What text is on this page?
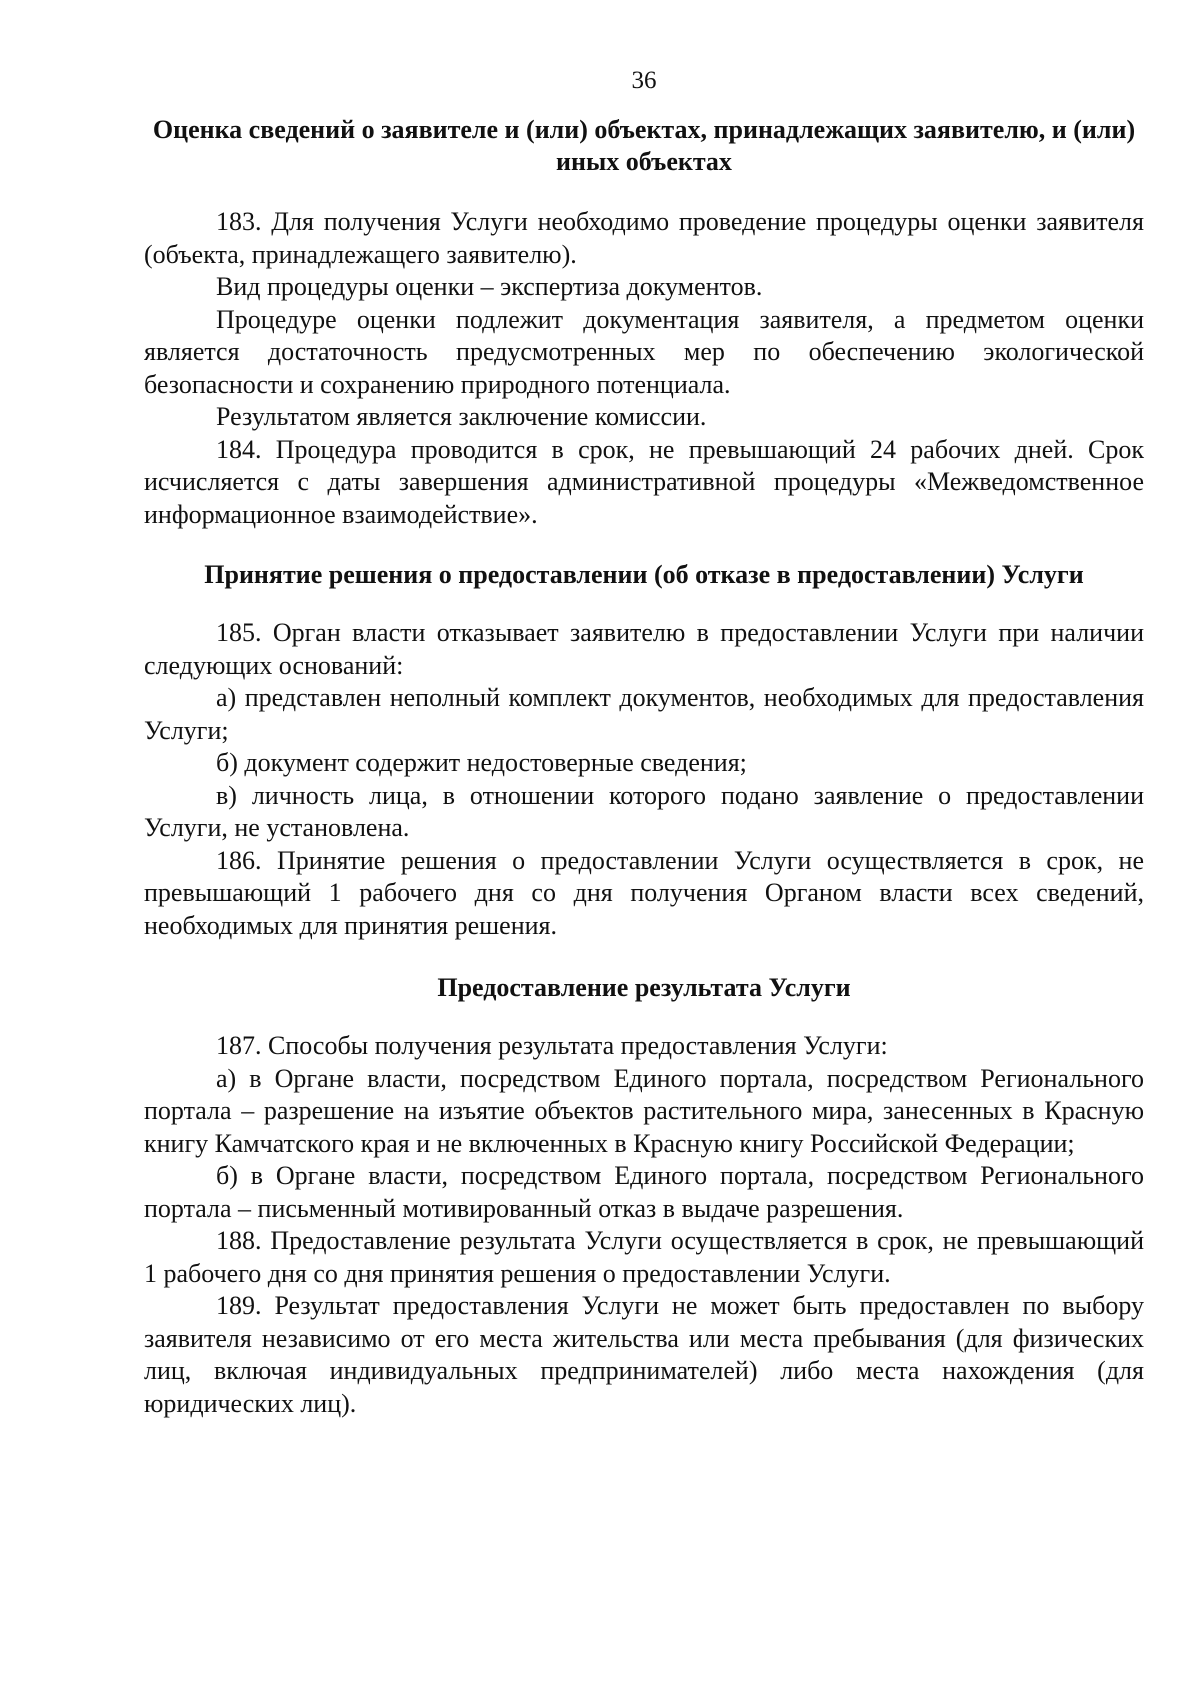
36
Оценка сведений о заявителе и (или) объектах, принадлежащих заявителю, и (или) иных объектах

183. Для получения Услуги необходимо проведение процедуры оценки заявителя (объекта, принадлежащего заявителю).

Вид процедуры оценки – экспертиза документов.

Процедуре оценки подлежит документация заявителя, а предметом оценки является достаточность предусмотренных мер по обеспечению экологической безопасности и сохранению природного потенциала.

Результатом является заключение комиссии.

184. Процедура проводится в срок, не превышающий 24 рабочих дней. Срок исчисляется с даты завершения административной процедуры «Межведомственное информационное взаимодействие».

Принятие решения о предоставлении (об отказе в предоставлении) Услуги

185. Орган власти отказывает заявителю в предоставлении Услуги при наличии следующих оснований:

а) представлен неполный комплект документов, необходимых для предоставления Услуги;

б) документ содержит недостоверные сведения;

в) личность лица, в отношении которого подано заявление о предоставлении Услуги, не установлена.

186. Принятие решения о предоставлении Услуги осуществляется в срок, не превышающий 1 рабочего дня со дня получения Органом власти всех сведений, необходимых для принятия решения.

Предоставление результата Услуги

187. Способы получения результата предоставления Услуги:

а) в Органе власти, посредством Единого портала, посредством Регионального портала – разрешение на изъятие объектов растительного мира, занесенных в Красную книгу Камчатского края и не включенных в Красную книгу Российской Федерации;

б) в Органе власти, посредством Единого портала, посредством Регионального портала – письменный мотивированный отказ в выдаче разрешения.

188. Предоставление результата Услуги осуществляется в срок, не превышающий 1 рабочего дня со дня принятия решения о предоставлении Услуги.

189. Результат предоставления Услуги не может быть предоставлен по выбору заявителя независимо от его места жительства или места пребывания (для физических лиц, включая индивидуальных предпринимателей) либо места нахождения (для юридических лиц).
